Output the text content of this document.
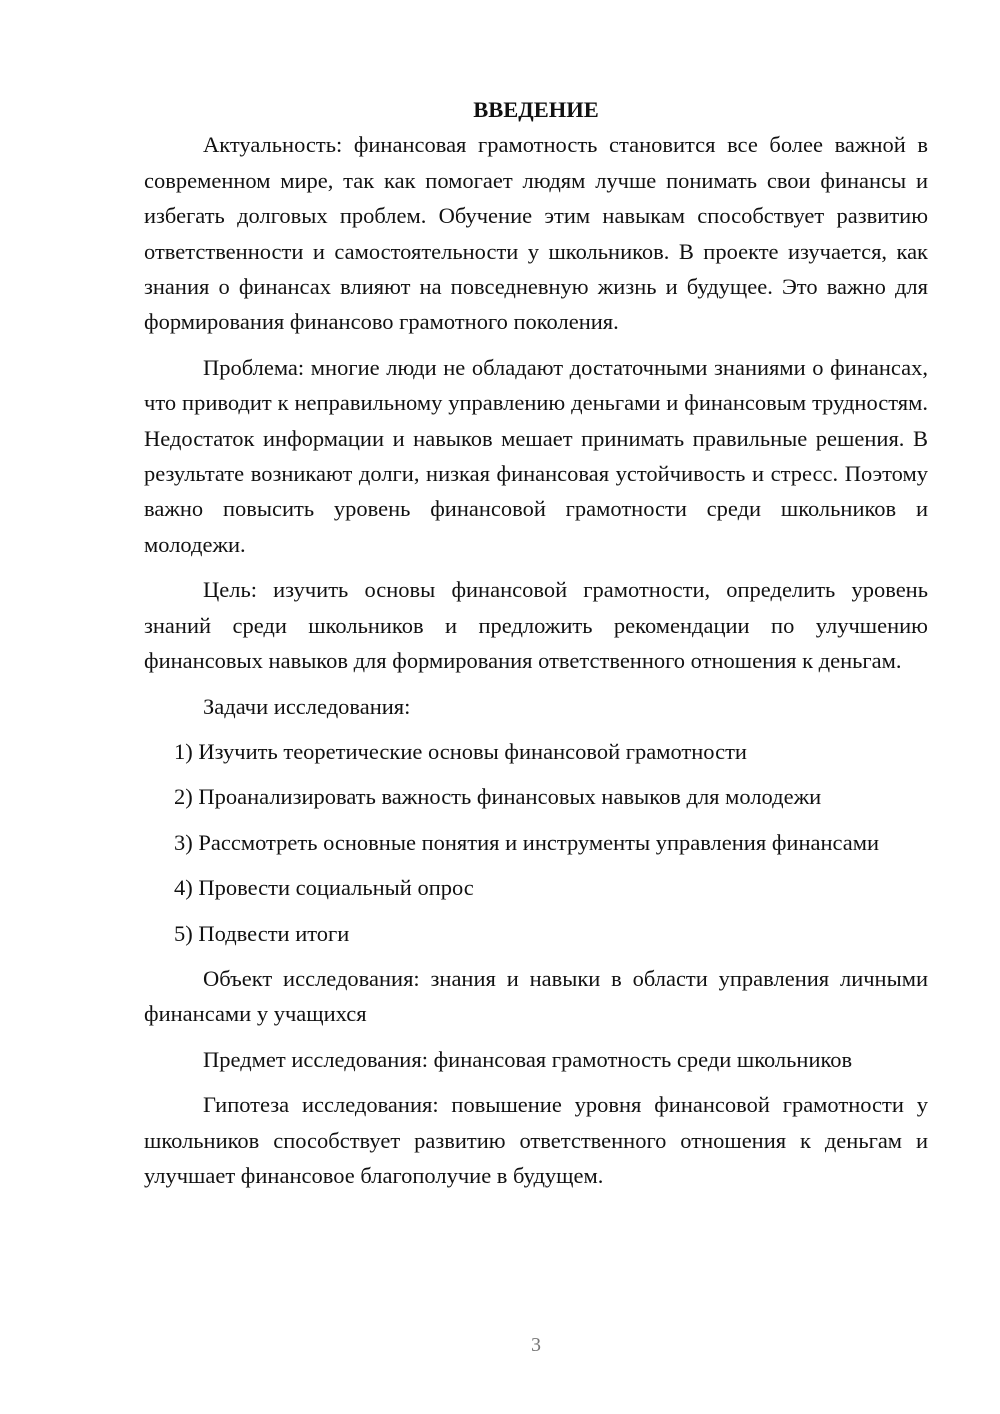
ВВЕДЕНИЕ

Актуальность: финансовая грамотность становится все более важной в современном мире, так как помогает людям лучше понимать свои финансы и избегать долговых проблем. Обучение этим навыкам способствует развитию ответственности и самостоятельности у школьников. В проекте изучается, как знания о финансах влияют на повседневную жизнь и будущее. Это важно для формирования финансово грамотного поколения.

Проблема: многие люди не обладают достаточными знаниями о финансах, что приводит к неправильному управлению деньгами и финансовым трудностям. Недостаток информации и навыков мешает принимать правильные решения. В результате возникают долги, низкая финансовая устойчивость и стресс. Поэтому важно повысить уровень финансовой грамотности среди школьников и молодежи.

Цель: изучить основы финансовой грамотности, определить уровень знаний среди школьников и предложить рекомендации по улучшению финансовых навыков для формирования ответственного отношения к деньгам.

Задачи исследования:

1) Изучить теоретические основы финансовой грамотности

2) Проанализировать важность финансовых навыков для молодежи

3) Рассмотреть основные понятия и инструменты управления финансами

4) Провести социальный опрос

5) Подвести итоги

Объект исследования: знания и навыки в области управления личными финансами у учащихся

Предмет исследования: финансовая грамотность среди школьников

Гипотеза исследования: повышение уровня финансовой грамотности у школьников способствует развитию ответственного отношения к деньгам и улучшает финансовое благополучие в будущем.

3
